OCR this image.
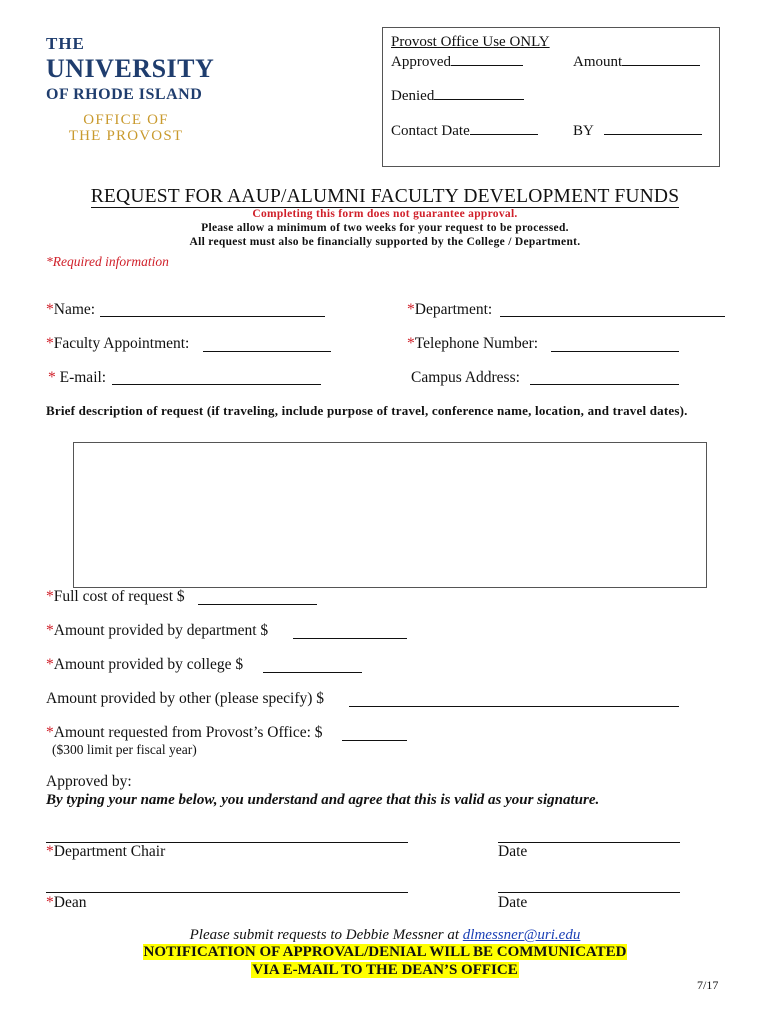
THE
UNIVERSITY
OF RHODE ISLAND
OFFICE OF
THE PROVOST
Provost Office Use ONLY
Approved	Amount
Denied
Contact Date	BY
REQUEST FOR AAUP/ALUMNI FACULTY DEVELOPMENT FUNDS
Completing this form does not guarantee approval.
Please allow a minimum of two weeks for your request to be processed.
All request must also be financially supported by the College / Department.
*Required information
*Name:	*Department:
*Faculty Appointment:	*Telephone Number:
* E-mail:	Campus Address:
Brief description of request (if traveling, include purpose of travel, conference name, location, and travel dates).
*Full cost of request $
*Amount provided by department $
*Amount provided by college $
Amount provided by other (please specify) $
*Amount requested from Provost’s Office: $
($300 limit per fiscal year)
Approved by:
By typing your name below, you understand and agree that this is valid as your signature.
*Department Chair	Date
*Dean	Date
Please submit requests to Debbie Messner at dlmessner@uri.edu
NOTIFICATION OF APPROVAL/DENIAL WILL BE COMMUNICATED
VIA E-MAIL TO THE DEAN’S OFFICE
7/17
